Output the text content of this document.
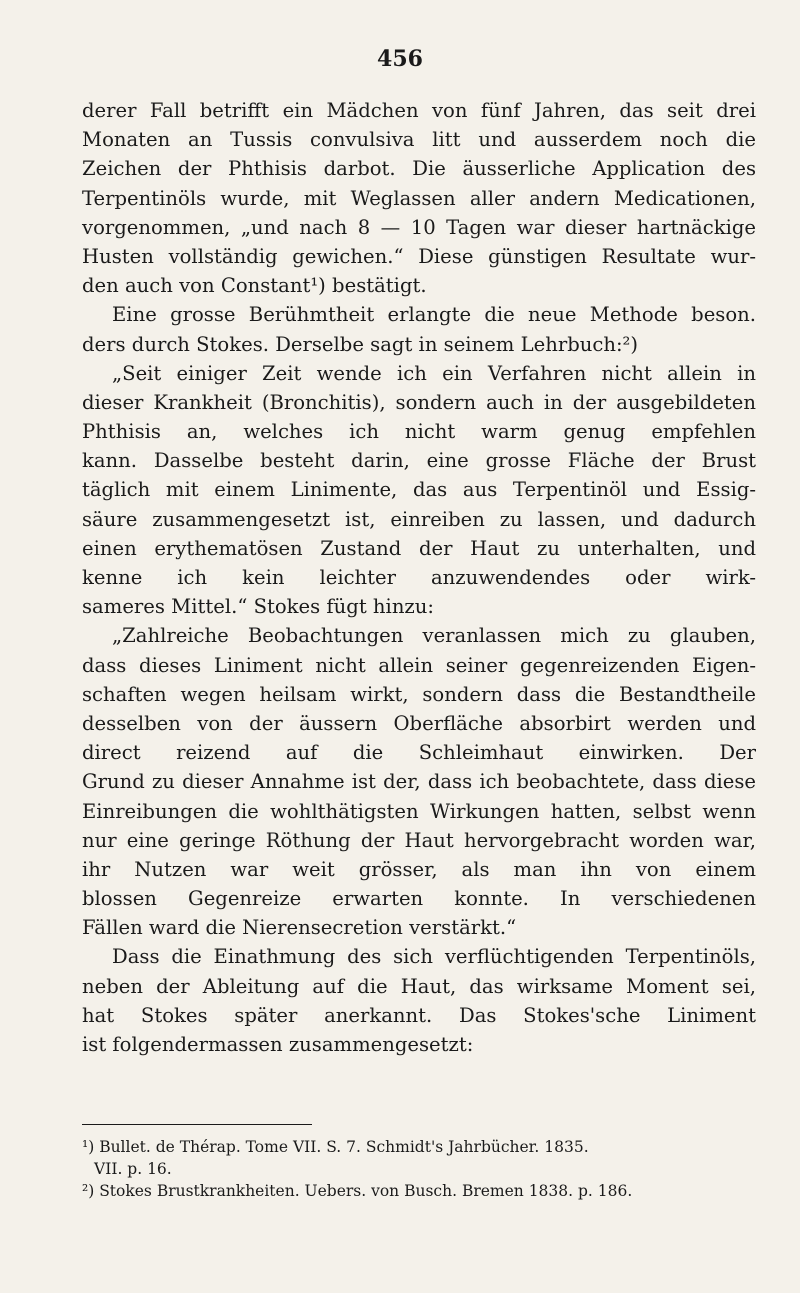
456
derer Fall betrifft ein Mädchen von fünf Jahren, das seit drei
Monaten an Tussis convulsiva litt und ausserdem noch die
Zeichen der Phthisis darbot. Die äusserliche Application des
Terpentinöls wurde, mit Weglassen aller andern Medicationen,
vorgenommen, „und nach 8 — 10 Tagen war dieser hartnäckige
Husten vollständig gewichen.“ Diese günstigen Resultate wur-
den auch von Constant¹) bestätigt.
Eine grosse Berühmtheit erlangte die neue Methode beson.
ders durch Stokes. Derselbe sagt in seinem Lehrbuch:²)
„Seit einiger Zeit wende ich ein Verfahren nicht allein in
dieser Krankheit (Bronchitis), sondern auch in der ausgebildeten
Phthisis an, welches ich nicht warm genug empfehlen
kann. Dasselbe besteht darin, eine grosse Fläche der Brust
täglich mit einem Linimente, das aus Terpentinöl und Essig-
säure zusammengesetzt ist, einreiben zu lassen, und dadurch
einen erythematösen Zustand der Haut zu unterhalten, und
kenne ich kein leichter anzuwendendes oder wirk-
sameres Mittel.“ Stokes fügt hinzu:
„Zahlreiche Beobachtungen veranlassen mich zu glauben,
dass dieses Liniment nicht allein seiner gegenreizenden Eigen-
schaften wegen heilsam wirkt, sondern dass die Bestandtheile
desselben von der äussern Oberfläche absorbirt werden und
direct reizend auf die Schleimhaut einwirken. Der
Grund zu dieser Annahme ist der, dass ich beobachtete, dass diese
Einreibungen die wohlthätigsten Wirkungen hatten, selbst wenn
nur eine geringe Röthung der Haut hervorgebracht worden war,
ihr Nutzen war weit grösser, als man ihn von einem
blossen Gegenreize erwarten konnte. In verschiedenen
Fällen ward die Nierensecretion verstärkt.“
Dass die Einathmung des sich verflüchtigenden Terpentinöls,
neben der Ableitung auf die Haut, das wirksame Moment sei,
hat Stokes später anerkannt. Das Stokes'sche Liniment
ist folgendermassen zusammengesetzt:
¹) Bullet. de Thérap. Tome VII. S. 7. Schmidt's Jahrbücher. 1835.
VII. p. 16.
²) Stokes Brustkrankheiten. Uebers. von Busch. Bremen 1838. p. 186.
